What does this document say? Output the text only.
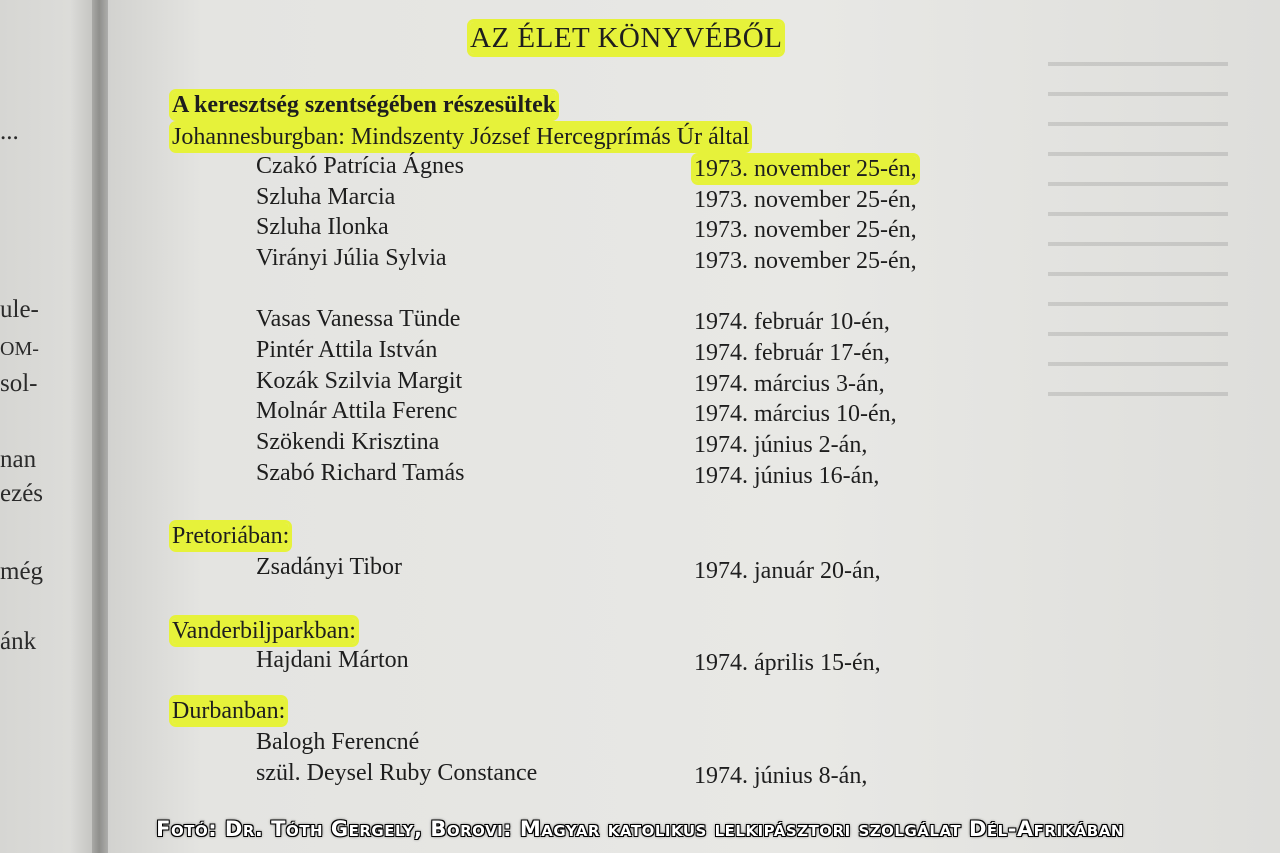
...
ule-
OM-
sol-
nan
ezés
még
ánk
AZ ÉLET KÖNYVÉBŐL
A keresztség szentségében részesültek
Johannesburgban: Mindszenty József Hercegprímás Úr által
Czakó Patrícia Ágnes	1973. november 25-én,
Szluha Marcia	1973. november 25-én,
Szluha Ilonka	1973. november 25-én,
Virányi Júlia Sylvia	1973. november 25-én,
Vasas Vanessa Tünde	1974. február 10-én,
Pintér Attila István	1974. február 17-én,
Kozák Szilvia Margit	1974. március 3-án,
Molnár Attila Ferenc	1974. március 10-én,
Szökendi Krisztina	1974. június 2-án,
Szabó Richard Tamás	1974. június 16-án,
Pretoriában:
Zsadányi Tibor	1974. január 20-án,
Vanderbiljparkban:
Hajdani Márton	1974. április 15-én,
Durbanban:
Balogh Ferencné
szül. Deysel Ruby Constance	1974. június 8-án,
Fotó: Dr. Tóth Gergely, Borovi: Magyar katolikus lelkipásztori szolgálat Dél-Afrikában
